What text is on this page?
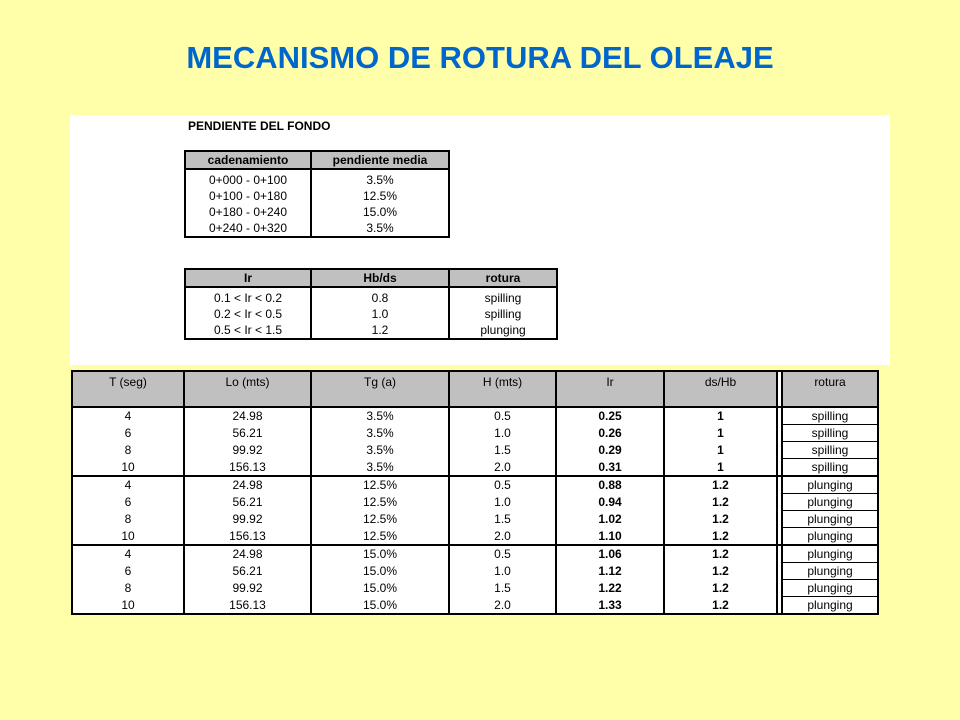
MECANISMO DE ROTURA DEL OLEAJE
PENDIENTE DEL FONDO
cadenamiento	pendiente media
0+000 - 0+100	3.5%
0+100 - 0+180	12.5%
0+180 - 0+240	15.0%
0+240 - 0+320	3.5%
Ir	Hb/ds	rotura
0.1 < Ir < 0.2	0.8	spilling
0.2 < Ir < 0.5	1.0	spilling
0.5 < Ir < 1.5	1.2	plunging
T (seg)	Lo (mts)	Tg (a)	H (mts)	Ir	ds/Hb		rotura
4	24.98	3.5%	0.5	0.25	1		spilling
6	56.21	3.5%	1.0	0.26	1		spilling
8	99.92	3.5%	1.5	0.29	1		spilling
10	156.13	3.5%	2.0	0.31	1		spilling
4	24.98	12.5%	0.5	0.88	1.2		plunging
6	56.21	12.5%	1.0	0.94	1.2		plunging
8	99.92	12.5%	1.5	1.02	1.2		plunging
10	156.13	12.5%	2.0	1.10	1.2		plunging
4	24.98	15.0%	0.5	1.06	1.2		plunging
6	56.21	15.0%	1.0	1.12	1.2		plunging
8	99.92	15.0%	1.5	1.22	1.2		plunging
10	156.13	15.0%	2.0	1.33	1.2		plunging
